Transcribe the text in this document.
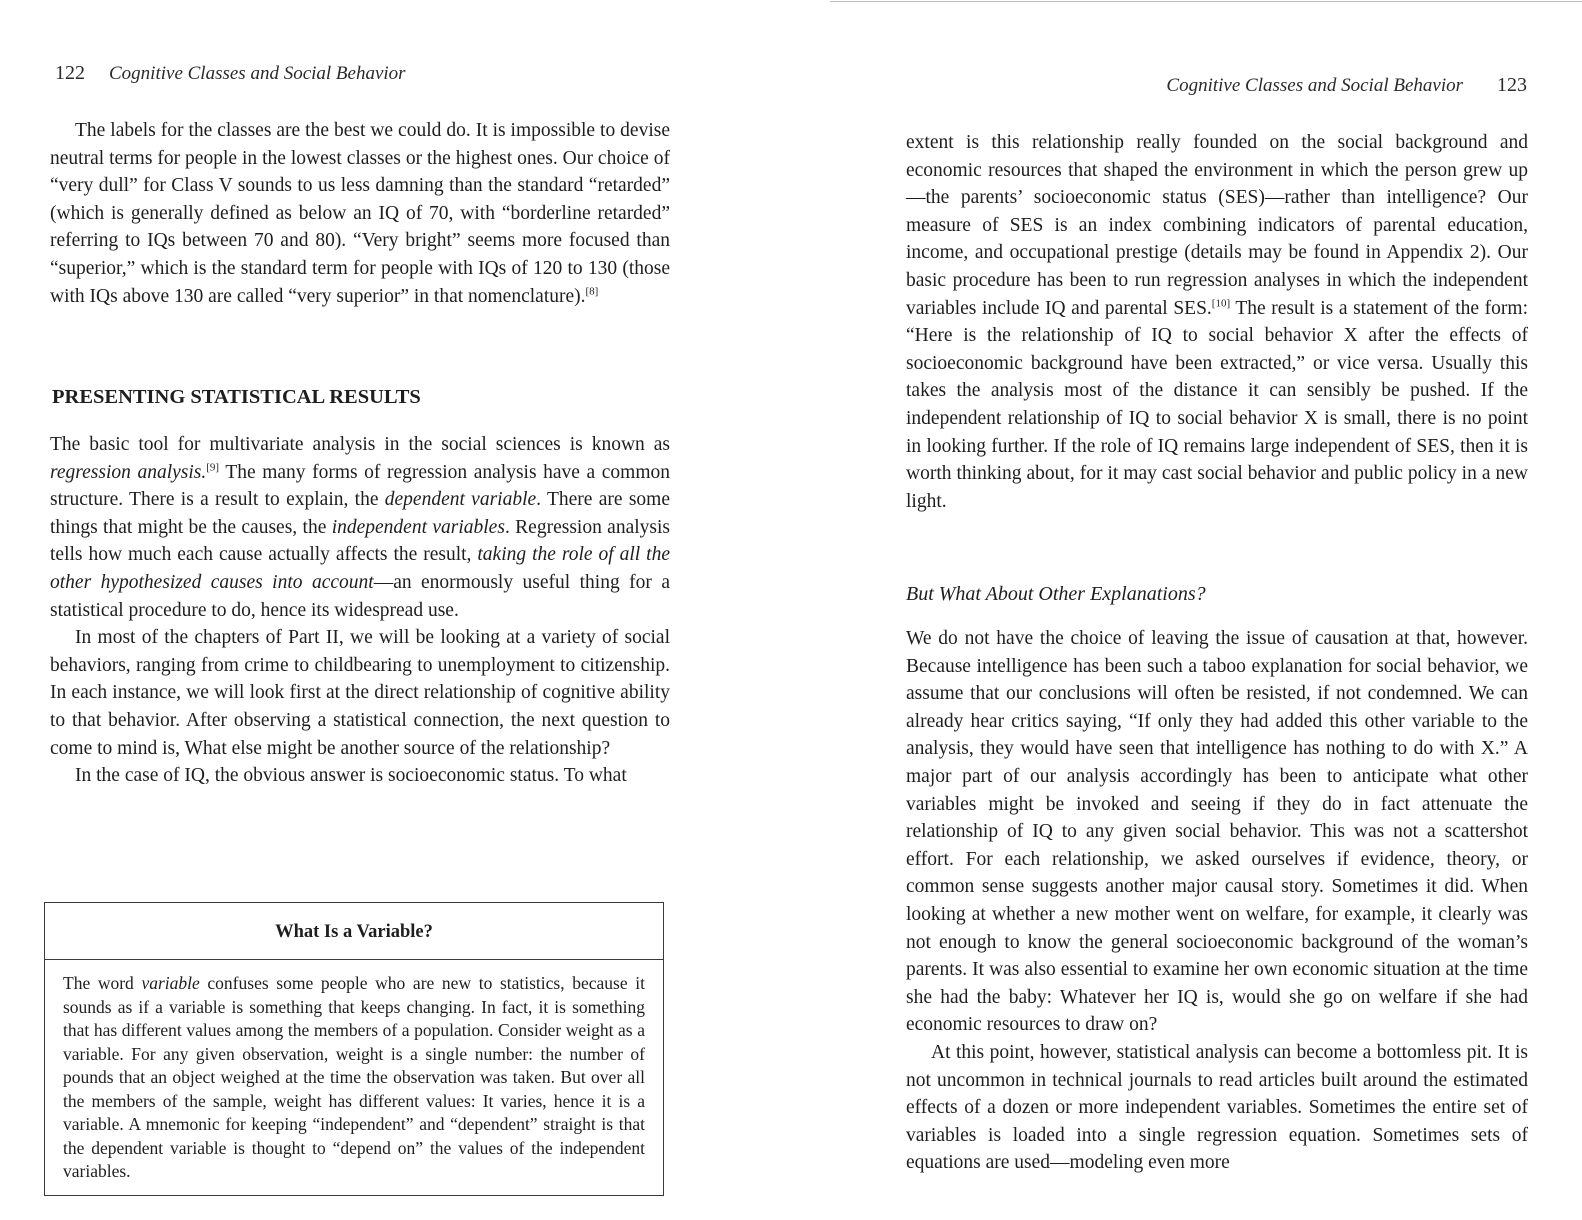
122 Cognitive Classes and Social Behavior

The labels for the classes are the best we could do. It is impossible to devise neutral terms for people in the lowest classes or the highest ones. Our choice of “very dull” for Class V sounds to us less damning than the standard “retarded” (which is generally defined as below an IQ of 70, with “borderline retarded” referring to IQs between 70 and 80). “Very bright” seems more focused than “superior,” which is the standard term for people with IQs of 120 to 130 (those with IQs above 130 are called “very superior” in that nomenclature).[8]

PRESENTING STATISTICAL RESULTS

The basic tool for multivariate analysis in the social sciences is known as regression analysis.[9] The many forms of regression analysis have a common structure. There is a result to explain, the dependent variable. There are some things that might be the causes, the independent variables. Regression analysis tells how much each cause actually affects the result, taking the role of all the other hypothesized causes into account—an enormously useful thing for a statistical procedure to do, hence its widespread use.

In most of the chapters of Part II, we will be looking at a variety of social behaviors, ranging from crime to childbearing to unemployment to citizenship. In each instance, we will look first at the direct relationship of cognitive ability to that behavior. After observing a statistical connection, the next question to come to mind is, What else might be another source of the relationship?

In the case of IQ, the obvious answer is socioeconomic status. To what

What Is a Variable?

The word variable confuses some people who are new to statistics, because it sounds as if a variable is something that keeps changing. In fact, it is something that has different values among the members of a population. Consider weight as a variable. For any given observation, weight is a single number: the number of pounds that an object weighed at the time the observation was taken. But over all the members of the sample, weight has different values: It varies, hence it is a variable. A mnemonic for keeping “independent” and “dependent” straight is that the dependent variable is thought to “depend on” the values of the independent variables.

Cognitive Classes and Social Behavior 123

extent is this relationship really founded on the social background and economic resources that shaped the environment in which the person grew up—the parents’ socioeconomic status (SES)—rather than intelligence? Our measure of SES is an index combining indicators of parental education, income, and occupational prestige (details may be found in Appendix 2). Our basic procedure has been to run regression analyses in which the independent variables include IQ and parental SES.[10] The result is a statement of the form: “Here is the relationship of IQ to social behavior X after the effects of socioeconomic background have been extracted,” or vice versa. Usually this takes the analysis most of the distance it can sensibly be pushed. If the independent relationship of IQ to social behavior X is small, there is no point in looking further. If the role of IQ remains large independent of SES, then it is worth thinking about, for it may cast social behavior and public policy in a new light.

But What About Other Explanations?

We do not have the choice of leaving the issue of causation at that, however. Because intelligence has been such a taboo explanation for social behavior, we assume that our conclusions will often be resisted, if not condemned. We can already hear critics saying, “If only they had added this other variable to the analysis, they would have seen that intelligence has nothing to do with X.” A major part of our analysis accordingly has been to anticipate what other variables might be invoked and seeing if they do in fact attenuate the relationship of IQ to any given social behavior. This was not a scattershot effort. For each relationship, we asked ourselves if evidence, theory, or common sense suggests another major causal story. Sometimes it did. When looking at whether a new mother went on welfare, for example, it clearly was not enough to know the general socioeconomic background of the woman’s parents. It was also essential to examine her own economic situation at the time she had the baby: Whatever her IQ is, would she go on welfare if she had economic resources to draw on?

At this point, however, statistical analysis can become a bottomless pit. It is not uncommon in technical journals to read articles built around the estimated effects of a dozen or more independent variables. Sometimes the entire set of variables is loaded into a single regression equation. Sometimes sets of equations are used—modeling even more
